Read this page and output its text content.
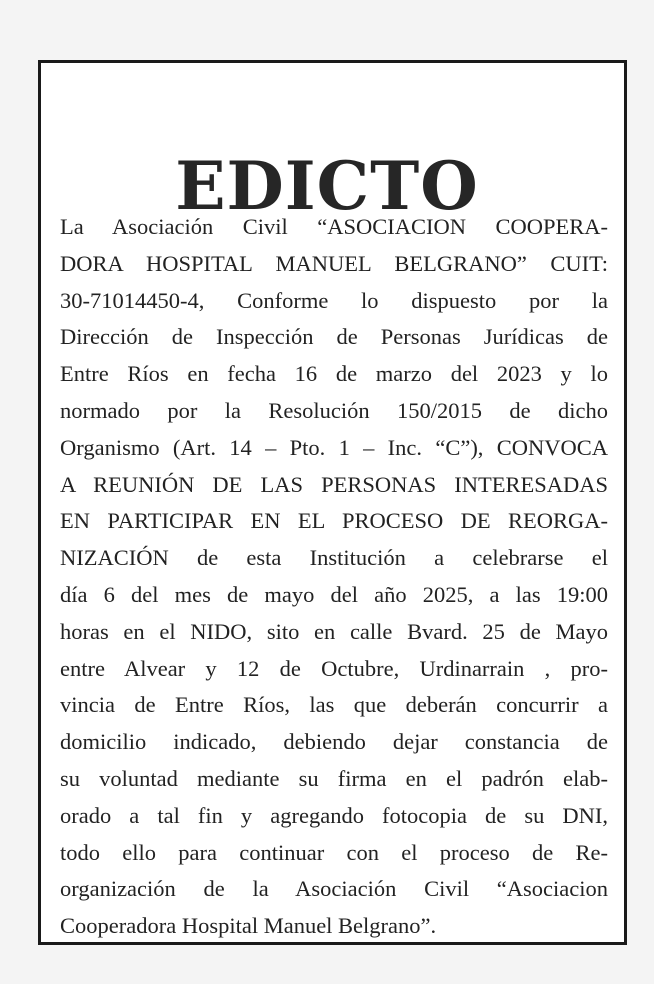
EDICTO
La Asociación Civil “ASOCIACION COOPERA-
DORA HOSPITAL MANUEL BELGRANO” CUIT:
30-71014450-4, Conforme lo dispuesto por la
Dirección de Inspección de Personas Jurídicas de
Entre Ríos en fecha 16 de marzo del 2023 y lo
normado por la Resolución 150/2015 de dicho
Organismo (Art. 14 – Pto. 1 – Inc. “C”), CONVOCA
A REUNIÓN DE LAS PERSONAS INTERESADAS
EN PARTICIPAR EN EL PROCESO DE REORGA-
NIZACIÓN de esta Institución a celebrarse el
día 6 del mes de mayo del año 2025, a las 19:00
horas en el NIDO, sito en calle Bvard. 25 de Mayo
entre Alvear y 12 de Octubre, Urdinarrain , pro-
vincia de Entre Ríos, las que deberán concurrir a
domicilio indicado, debiendo dejar constancia de
su voluntad mediante su firma en el padrón elab-
orado a tal fin y agregando fotocopia de su DNI,
todo ello para continuar con el proceso de Re-
organización de la Asociación Civil “Asociacion
Cooperadora Hospital Manuel Belgrano”.
